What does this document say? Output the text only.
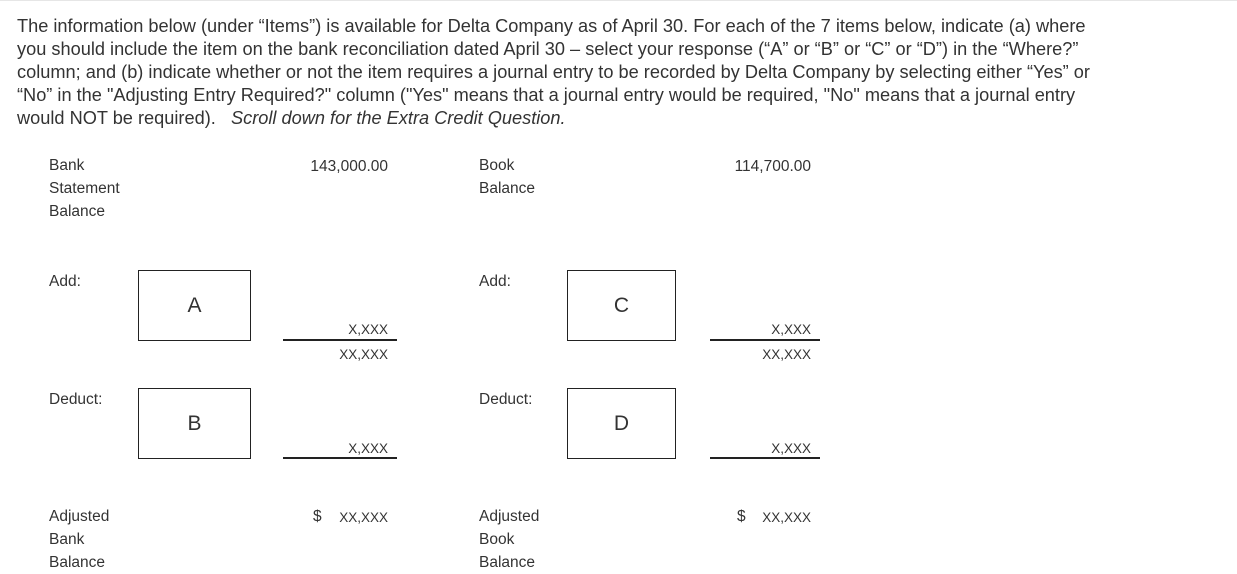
The information below (under “Items”) is available for Delta Company as of April 30. For each of the 7 items below, indicate (a) where
you should include the item on the bank reconciliation dated April 30 – select your response (“A” or “B” or “C” or “D”) in the “Where?”
column; and (b) indicate whether or not the item requires a journal entry to be recorded by Delta Company by selecting either “Yes” or
“No” in the "Adjusting Entry Required?" column ("Yes" means that a journal entry would be required, "No" means that a journal entry
would NOT be required). Scroll down for the Extra Credit Question.
Bank Statement
Balance
143,000.00
Add:
A
X,XXX
XX,XXX
Deduct:
B
X,XXX
Adjusted Bank Balance
$	XX,XXX
Book Balance
114,700.00
Add:
C
X,XXX
XX,XXX
Deduct:
D
X,XXX
Adjusted Book Balance
$	XX,XXX
